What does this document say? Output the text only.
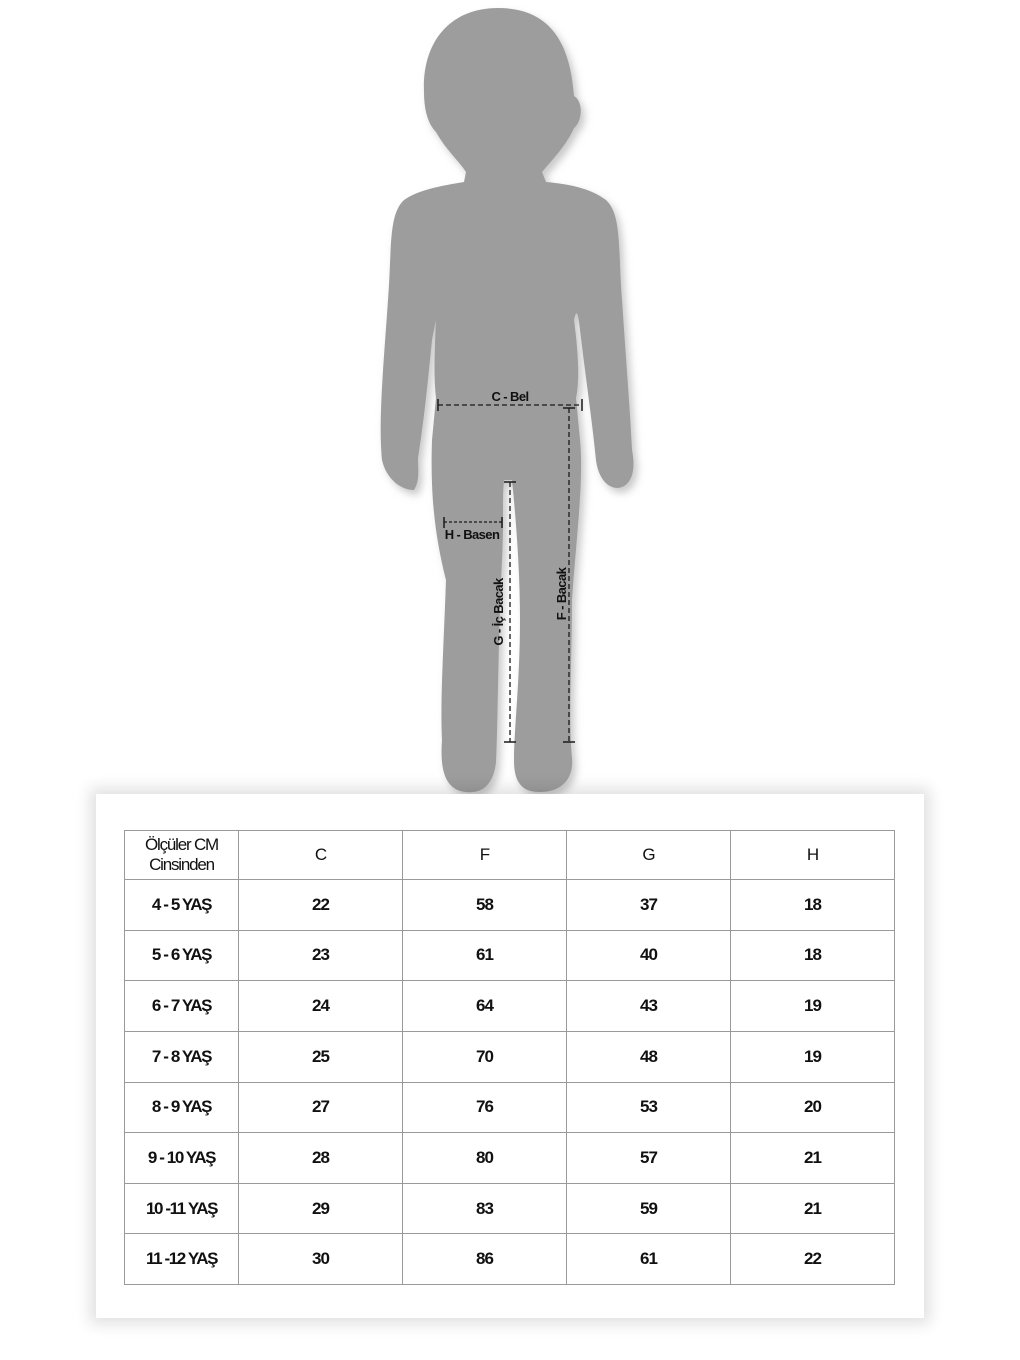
C - Bel
F - Bacak
G - İç Bacak
H - Basen
Ölçüler CM
Cinsinden	C	F	G	H
4 - 5 YAŞ	22	58	37	18
5 - 6 YAŞ	23	61	40	18
6 - 7 YAŞ	24	64	43	19
7 - 8 YAŞ	25	70	48	19
8 - 9 YAŞ	27	76	53	20
9 - 10 YAŞ	28	80	57	21
10 -11 YAŞ	29	83	59	21
11 -12 YAŞ	30	86	61	22
